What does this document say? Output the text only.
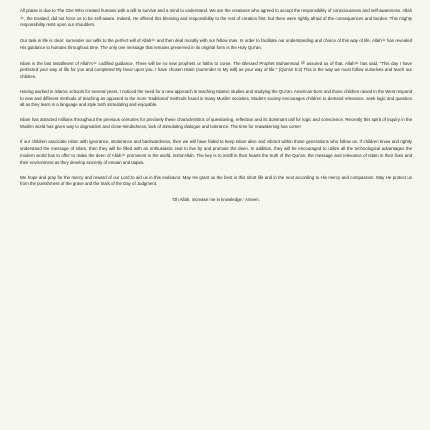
All praise is due to The One Who created humans with a will to survive and a mind to understand. We are the creatures who agreed to accept the responsibility of consciousness and self-awareness. Allahﷻ, the Exalted, did not force us to be self-aware. Indeed, He offered this blessing and responsibility to the rest of creation first, but there were rightly afraid of the consequences and burden. This mighty responsibility rests upon our shoulders.

Our task in life is clear: surrender our wills to the perfect will of Allahﷻ and then deal morally with our fellow man. In order to facilitate our understanding and choice of this way of life, Allahﷻ has revealed His guidance to humans throughout time. The only one message that remains preserved in its original form is the Holy Qur'an.

Islam is the last installment of Allah'sﷻ codified guidance. There will be no new prophets or faiths to come. The Blessed Prophet Muhammad ﷺ assured us of that. Allahﷻ has said, "This day I have perfected your way of life for you and completed My favor upon you. I have chosen Islam (surrender to My will) as your way of life." (Qur'an 5:3) This is the way we must follow ourselves and teach our children.

Having worked in Islamic schools for several years, I noticed the need for a new approach in teaching Islamic studies and studying the Qur'an. American-born and those children raised in the West respond to new and different methods of teaching as opposed to the more 'traditional' methods found in many Muslim societies. Modern society encourages children to demand relevance, seek logic and question all as they learn in a language and style both stimulating and enjoyable.

Islam has attracted millions throughout the previous centuries for precisely these characteristics of questioning, reflection and its dominant call for logic and conscience. Recently this spirit of inquiry in the Muslim world has given way to dogmatism and close-mindedness, lack of stimulating dialogue and tolerance. The time for reawakening has come!

If our children associate Islam with ignorance, intolerance and backwardness, then we will have failed to keep Islam alive and vibrant within those generations who follow us. If children know and rightly understand the message of Islam, then they will be filled with an enthusiastic zeal to live by and promote the deen. In addition, they will be encouraged to utilize all the technological advantages the modern world has to offer to make the deen of Allahﷻ prominent in the world, insha'Allah. The key is to instill in their hearts the truth of the Qur'an, the message and relevance of Islam in their lives and their environment as they develop sincerity of emaan and taqwa.

We hope and pray for the mercy and reward of our Lord to aid us in this endeavor. May He grant us the best in this short life and in the next according to His mercy and compassion. May He protect us from the punishment of the grave and the trials of the Day of Judgment.

'Oh Allah, increase me in knowledge.' Ameen.
